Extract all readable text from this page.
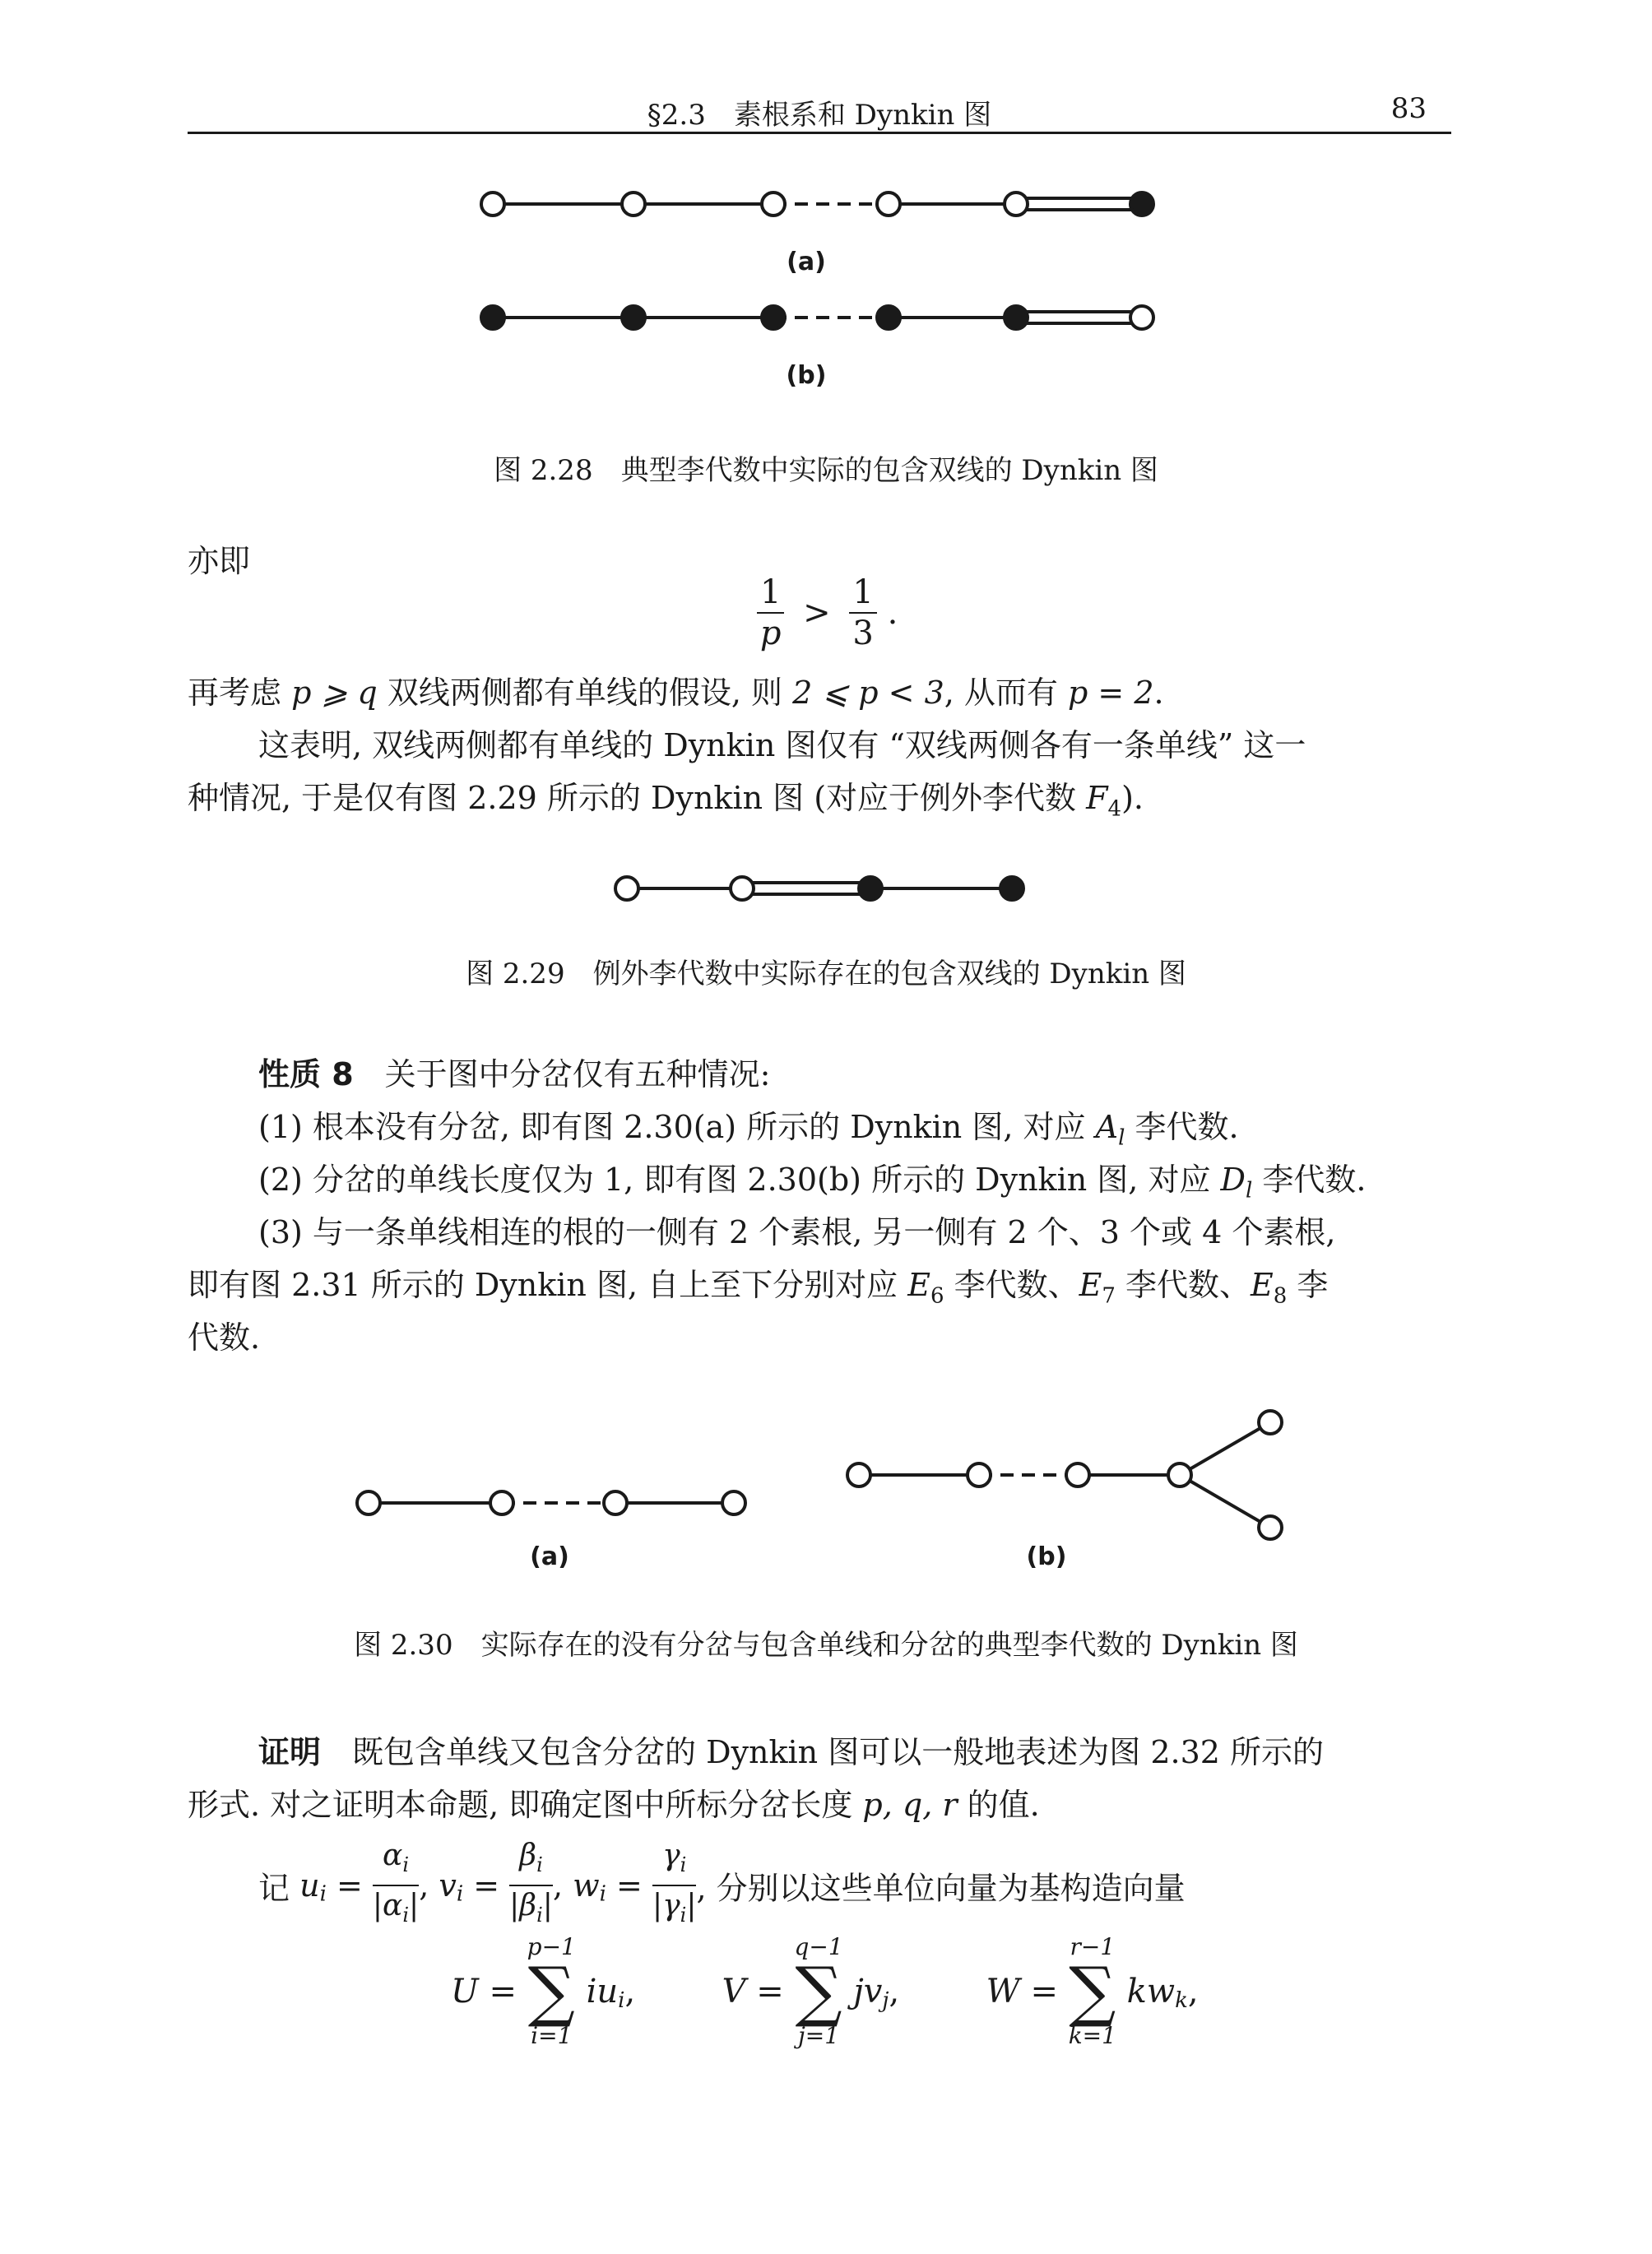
§2.3　素根系和 Dynkin 图	83
(a)
(b)
图 2.28　典型李代数中实际的包含双线的 Dynkin 图
亦即
$\frac{1}{p} > \frac{1}{3}$ .
再考虑 p ⩾ q 双线两侧都有单线的假设, 则 2 ⩽ p < 3, 从而有 p = 2.
这表明, 双线两侧都有单线的 Dynkin 图仅有 “双线两侧各有一条单线” 这一
种情况, 于是仅有图 2.29 所示的 Dynkin 图 (对应于例外李代数 $F_4$).
图 2.29　例外李代数中实际存在的包含双线的 Dynkin 图
性质 8　关于图中分岔仅有五种情况:
(1) 根本没有分岔, 即有图 2.30(a) 所示的 Dynkin 图, 对应 $A_l$ 李代数.
(2) 分岔的单线长度仅为 1, 即有图 2.30(b) 所示的 Dynkin 图, 对应 $D_l$ 李代数.
(3) 与一条单线相连的根的一侧有 2 个素根, 另一侧有 2 个、3 个或 4 个素根,
即有图 2.31 所示的 Dynkin 图, 自上至下分别对应 $E_6$ 李代数、$E_7$ 李代数、$E_8$ 李
代数.
(a)	(b)
图 2.30　实际存在的没有分岔与包含单线和分岔的典型李代数的 Dynkin 图
证明　既包含单线又包含分岔的 Dynkin 图可以一般地表述为图 2.32 所示的
形式. 对之证明本命题, 即确定图中所标分岔长度 p, q, r 的值.
记 $u_i = \frac{\alpha_i}{|\alpha_i|}$ , $v_i = \frac{\beta_i}{|\beta_i|}$ , $w_i = \frac{\gamma_i}{|\gamma_i|}$ , 分别以这些单位向量为基构造向量
U =
p−1
∑
i=1
$iu_i$,	V =
q−1
∑
j=1
$jv_j$,	W =
r−1
∑
k=1
$kw_k$,
